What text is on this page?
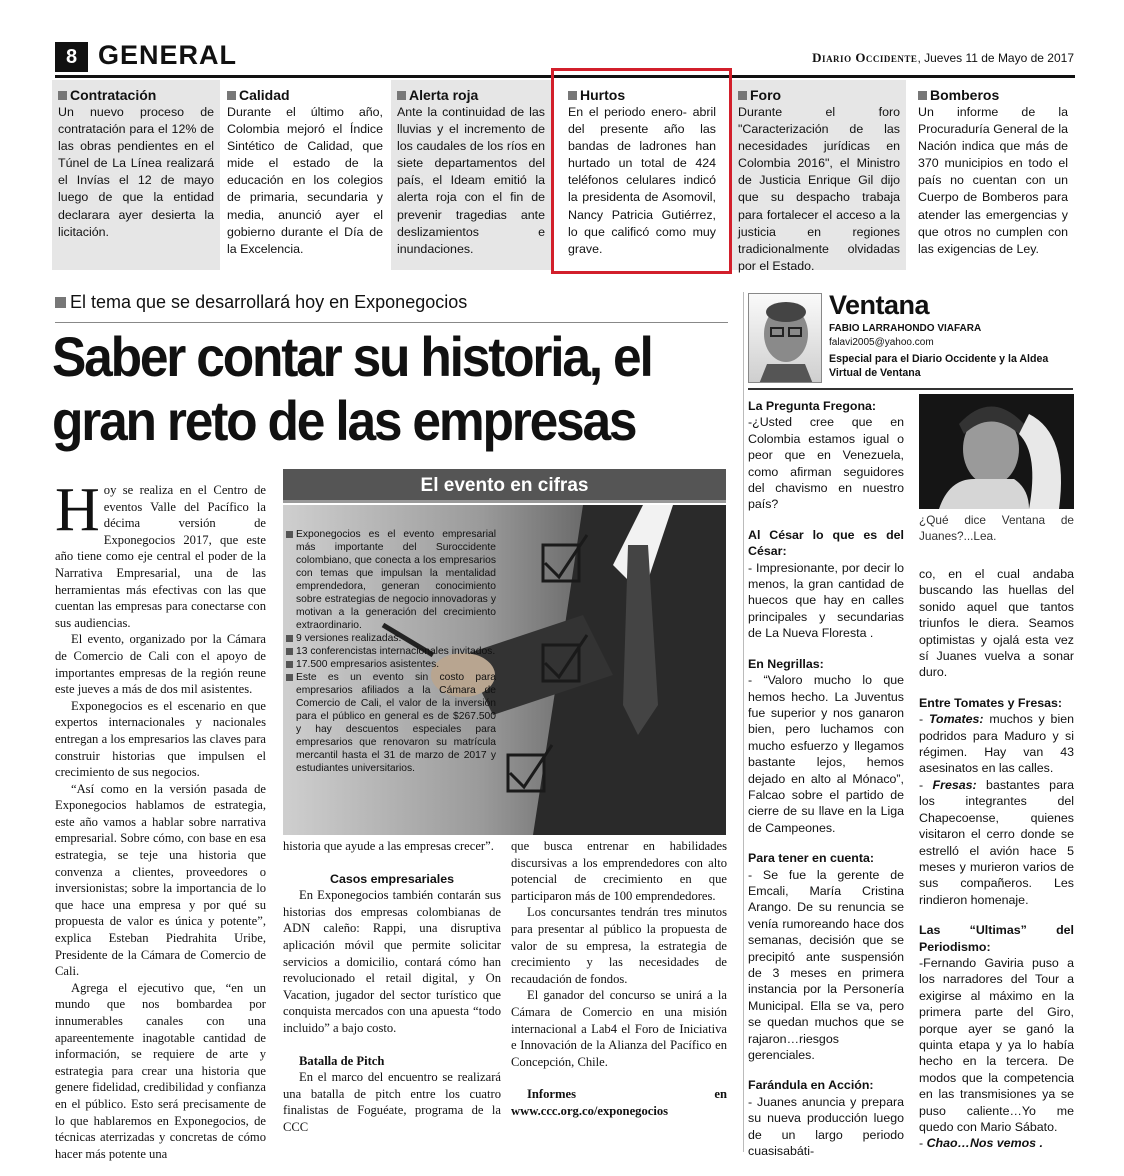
8 GENERAL	Diario Occidente, Jueves 11 de Mayo de 2017
Contratación
Un nuevo proceso de contratación para el 12% de las obras pendientes en el Túnel de La Línea realizará el Invías el 12 de mayo luego de que la entidad declarara ayer desierta la licitación.
Calidad
Durante el último año, Colombia mejoró el Índice Sintético de Calidad, que mide el estado de la educación en los colegios de primaria, secundaria y media, anunció ayer el gobierno durante el Día de la Excelencia.
Alerta roja
Ante la continuidad de las lluvias y el incremento de los caudales de los ríos en siete departamentos del país, el Ideam emitió la alerta roja con el fin de prevenir tragedias ante deslizamientos e inundaciones.
Hurtos
En el periodo enero- abril del presente año las bandas de ladrones han hurtado un total de 424 teléfonos celulares indicó la presidenta de Asomovil, Nancy Patricia Gutiérrez, lo que calificó como muy grave.
Foro
Durante el foro "Caracterización de las necesidades jurídicas en Colombia 2016", el Ministro de Justicia Enrique Gil dijo que su despacho trabaja para fortalecer el acceso a la justicia en regiones tradicionalmente olvidadas por el Estado.
Bomberos
Un informe de la Procuraduría General de la Nación indica que más de 370 municipios en todo el país no cuentan con un Cuerpo de Bomberos para atender las emergencias y que otros no cumplen con las exigencias de Ley.
El tema que se desarrollará hoy en Exponegocios
Saber contar su historia, el gran reto de las empresas

Hoy se realiza en el Centro de eventos Valle del Pacífico la décima versión de Exponegocios 2017, que este año tiene como eje central el poder de la Narrativa Empresarial, una de las herramientas más efectivas con las que cuentan las empresas para conectarse con sus audiencias.

El evento, organizado por la Cámara de Comercio de Cali con el apoyo de importantes empresas de la región reune este jueves a más de dos mil asistentes.

Exponegocios es el escenario en que expertos internacionales y nacionales entregan a los empresarios las claves para construir historias que impulsen el crecimiento de sus negocios.

“Así como en la versión pasada de Exponegocios hablamos de estrategia, este año vamos a hablar sobre narrativa empresarial. Sobre cómo, con base en esa estrategia, se teje una historia que convenza a clientes, proveedores o inversionistas; sobre la importancia de lo que hace una empresa y por qué su propuesta de valor es única y potente”, explica Esteban Piedrahita Uribe, Presidente de la Cámara de Comercio de Cali.

Agrega el ejecutivo que, “en un mundo que nos bombardea por innumerables canales con una apareentemente inagotable cantidad de información, se requiere de arte y estrategia para crear una historia que genere fidelidad, credibilidad y confianza en el público. Esto será precisamente de lo que hablaremos en Exponegocios, de técnicas aterrizadas y concretas de cómo hacer más potente una

El evento en cifras
Exponegocios es el evento empresarial más importante del Suroccidente colombiano, que conecta a los empresarios con temas que impulsan la mentalidad emprendedora, generan conocimiento sobre estrategias de negocio innovadoras y motivan a la generación del crecimiento extraordinario.
9 versiones realizadas.
13 conferencistas internacionales invitados.
17.500 empresarios asistentes.
Este es un evento sin costo para empresarios afiliados a la Cámara de Comercio de Cali, el valor de la inversión para el público en general es de $267.500 y hay descuentos especiales para empresarios que renovaron su matrícula mercantil hasta el 31 de marzo de 2017 y estudiantes universitarios.

historia que ayude a las empresas crecer”.

Casos empresariales

En Exponegocios también contarán sus historias dos empresas colombianas de ADN caleño: Rappi, una disruptiva aplicación móvil que permite solicitar servicios a domicilio, contará cómo han revolucionado el retail digital, y On Vacation, jugador del sector turístico que conquista mercados con una apuesta “todo incluido” a bajo costo.

Batalla de Pitch

En el marco del encuentro se realizará una batalla de pitch entre los cuatro finalistas de Foguéate, programa de la CCC

que busca entrenar en habilidades discursivas a los emprendedores con alto potencial de crecimiento en que participaron más de 100 emprendedores.

Los concursantes tendrán tres minutos para presentar al público la propuesta de valor de su empresa, la estrategia de crecimiento y las necesidades de recaudación de fondos.

El ganador del concurso se unirá a la Cámara de Comercio en una misión internacional a Lab4 el Foro de Iniciativa e Innovación de la Alianza del Pacífico en Concepción, Chile.

Informes	en
www.ccc.org.co/exponegocios
Ventana
FABIO LARRAHONDO VIAFARA
falavi2005@yahoo.com
Especial para el Diario Occidente y la Aldea Virtual de Ventana
¿Qué dice Ventana de Juanes?...Lea.
La Pregunta Fregona:

-¿Usted cree que en Colombia estamos igual o peor que en Venezuela, como afirman seguidores del chavismo en nuestro país?

Al César lo que es del César:

- Impresionante, por decir lo menos, la gran cantidad de huecos que hay en calles principales y secundarias de La Nueva Floresta .

En Negrillas:

- “Valoro mucho lo que hemos hecho. La Juventus fue superior y nos ganaron bien, pero luchamos con mucho esfuerzo y llegamos bastante lejos, hemos dejado en alto al Mónaco”, Falcao sobre el partido de cierre de su llave en la Liga de Campeones.

Para tener en cuenta:

- Se fue la gerente de Emcali, María Cristina Arango. De su renuncia se venía rumoreando hace dos semanas, decisión que se precipitó ante suspensión de 3 meses en primera instancia por la Personería Municipal. Ella se va, pero se quedan muchos que se rajaron…riesgos gerenciales.

Farándula en Acción:

- Juanes anuncia y prepara su nueva producción luego de un largo periodo cuasisabáti-

co, en el cual andaba buscando las huellas del sonido aquel que tantos triunfos le diera. Seamos optimistas y ojalá esta vez sí Juanes vuelva a sonar duro.

Entre Tomates y Fresas:

- Tomates: muchos y bien podridos para Maduro y si régimen. Hay van 43 asesinatos en las calles.

- Fresas: bastantes para los integrantes del Chapecoense, quienes visitaron el cerro donde se estrelló el avión hace 5 meses y murieron varios de sus compañeros. Les rindieron homenaje.

Las “Ultimas” del Periodismo:

-Fernando Gaviria puso a los narradores del Tour a exigirse al máximo en la primera parte del Giro, porque ayer se ganó la quinta etapa y ya lo había hecho en la tercera. De modos que la competencia en las transmisiones ya se puso caliente…Yo me quedo con Mario Sábato.

- Chao…Nos vemos .
